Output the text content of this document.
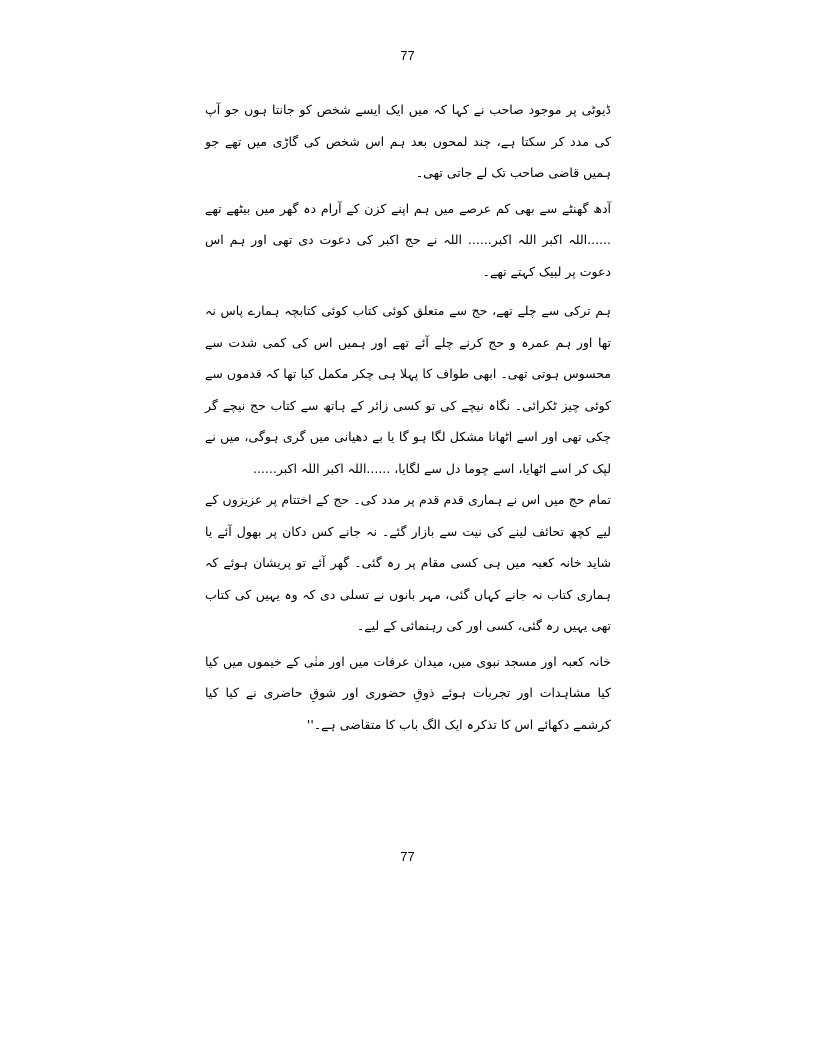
77

ڈیوٹی پر موجود صاحب نے کہا کہ میں ایک ایسے شخص کو جانتا ہوں جو آپ کی مدد کر سکتا ہے، چند لمحوں بعد ہم اس شخص کی گاڑی میں تھے جو ہمیں قاضی صاحب تک لے جاتی تھی۔

آدھ گھنٹے سے بھی کم عرصے میں ہم اپنے کزن کے آرام دہ گھر میں بیٹھے تھے ......اللہ اکبر اللہ اکبر...... اللہ نے حج اکبر کی دعوت دی تھی اور ہم اس دعوت پر لبیک کہتے تھے۔

ہم ترکی سے چلے تھے، حج سے متعلق کوئی کتاب کوئی کتابچہ ہمارے پاس نہ تھا اور ہم عمرہ و حج کرنے چلے آئے تھے اور ہمیں اس کی کمی شدت سے محسوس ہوتی تھی۔ ابھی طواف کا پہلا ہی چکر مکمل کیا تھا کہ قدموں سے کوئی چیز ٹکرائی۔ نگاہ نیچے کی تو کسی زائر کے ہاتھ سے کتاب حج نیچے گر چکی تھی اور اسے اٹھانا مشکل لگا ہو گا یا بے دھیانی میں گری ہوگی، میں نے لپک کر اسے اٹھایا، اسے چوما دل سے لگایا، ......اللہ اکبر اللہ اکبر......

تمام حج میں اس نے ہماری قدم قدم پر مدد کی۔ حج کے اختتام پر عزیزوں کے لیے کچھ تحائف لینے کی نیت سے بازار گئے۔ نہ جانے کس دکان پر بھول آئے یا شاید خانہ کعبہ میں ہی کسی مقام پر رہ گئی۔ گھر آئے تو پریشان ہوئے کہ ہماری کتاب نہ جانے کہاں گئی، مہر بانوں نے تسلی دی کہ وہ یہیں کی کتاب تھی یہیں رہ گئی، کسی اور کی رہنمائی کے لیے۔

خانہ کعبہ اور مسجد نبوی میں، میدان عرفات میں اور منٰی کے خیموں میں کیا کیا مشاہدات اور تجربات ہوئے ذوقِ حضوری اور شوقِ حاضری نے کیا کیا کرشمے دکھائے اس کا تذکرہ ایک الگ باب کا متقاضی ہے۔''

77
